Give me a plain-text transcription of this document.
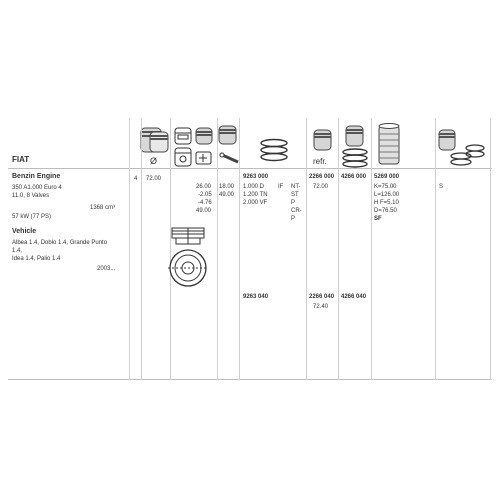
Ø	refr.
FIAT
Benzin Engine
350 A1.000 Euro 4
11.0, 8 Valves
1368 cm³
57 kW (77 PS)
Vehicle
Albea 1.4, Doblo 1.4, Grande Punto
1.4,
Idea 1.4, Palio 1.4
2003...
4 72.00
26.00
-2.05
-4.76
49.00
18.00
49.00
9263 000
1.000 D
1.200 TN
2.000 VF
IF NT-
ST
P
CR-
P
2266 000
72.00
4266 000 5269 000
K=75.00
L=126.00
H F=5.10
D=76.50
SF
S
9263 040	2266 040
72.40
4266 040
